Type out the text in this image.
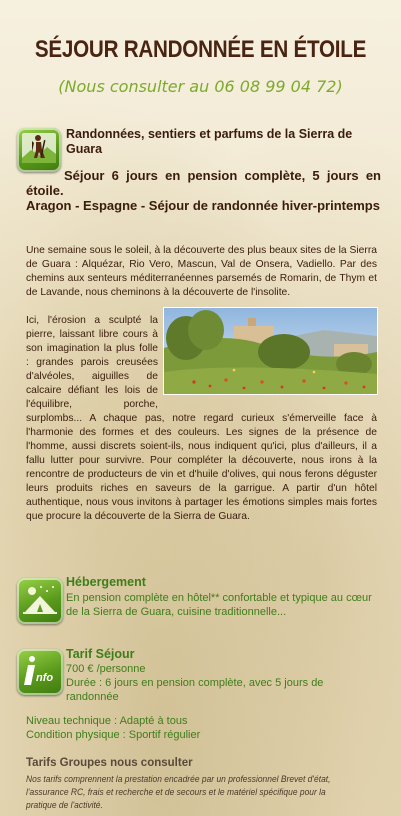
SÉJOUR RANDONNÉE EN ÉTOILE
(Nous consulter au 06 08 99 04 72)
Randonnées, sentiers et parfums de la Sierra de Guara
Séjour 6 jours en pension complète, 5 jours en étoile.
Aragon - Espagne - Séjour de randonnée hiver-printemps

Une semaine sous le soleil, à la découverte des plus beaux sites de la Sierra de Guara : Alquézar, Rio Vero, Mascun, Val de Onsera, Vadiello. Par des chemins aux senteurs méditerranéennes parsemés de Romarin, de Thym et de Lavande, nous cheminons à la découverte de l'insolite.

Ici, l'érosion a sculpté la pierre, laissant libre cours à son imagination la plus folle : grandes parois creusées d'alvéoles, aiguilles de calcaire défiant les lois de l'équilibre, porche, surplombs... A chaque pas, notre regard curieux s'émerveille face à l'harmonie des formes et des couleurs. Les signes de la présence de l'homme, aussi discrets soient-ils, nous indiquent qu'ici, plus d'ailleurs, il a fallu lutter pour survivre. Pour compléter la découverte, nous irons à la rencontre de producteurs de vin et d'huile d'olives, qui nous ferons déguster leurs produits riches en saveurs de la garrigue. A partir d'un hôtel authentique, nous vous invitons à partager les émotions simples mais fortes que procure la découverte de la Sierra de Guara.

Hébergement
En pension complète en hôtel** confortable et typique au cœur de la Sierra de Guara, cuisine traditionnelle...
nfo
Tarif Séjour
700 € /personne
Durée : 6 jours en pension complète, avec 5 jours de randonnée
Niveau technique : Adapté à tous
Condition physique : Sportif régulier
Tarifs Groupes nous consulter
Nos tarifs comprennent la prestation encadrée par un professionnel Brevet d'état, l'assurance RC, frais et recherche et de secours et le matériel spécifique pour la pratique de l'activité.
